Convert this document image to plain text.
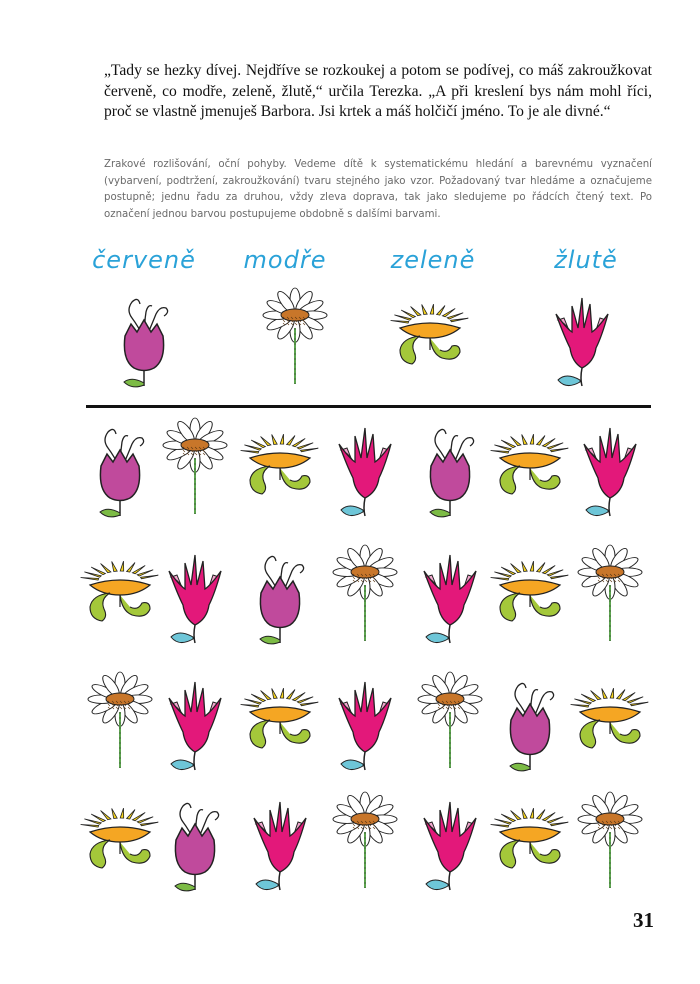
„Tady se hezky dívej. Nejdříve se rozkoukej a potom se podívej, co máš zakroužkovat červeně, co modře, zeleně, žlutě,“ určila Terezka. „A při kreslení bys nám mohl říci, proč se vlastně jmenuješ Barbora. Jsi krtek a máš holčičí jméno. To je ale divné.“

Zrakové rozlišování, oční pohyby. Vedeme dítě k systematickému hledání a barevnému vyznačení (vybarvení, podtržení, zakroužkování) tvaru stejného jako vzor. Požadovaný tvar hledáme a označujeme postupně; jednu řadu za druhou, vždy zleva doprava, tak jako sledujeme po řádcích čtený text. Po označení jednou barvou postupujeme obdobně s dalšími barvami.

červeně	modře	zeleně	žlutě
31
